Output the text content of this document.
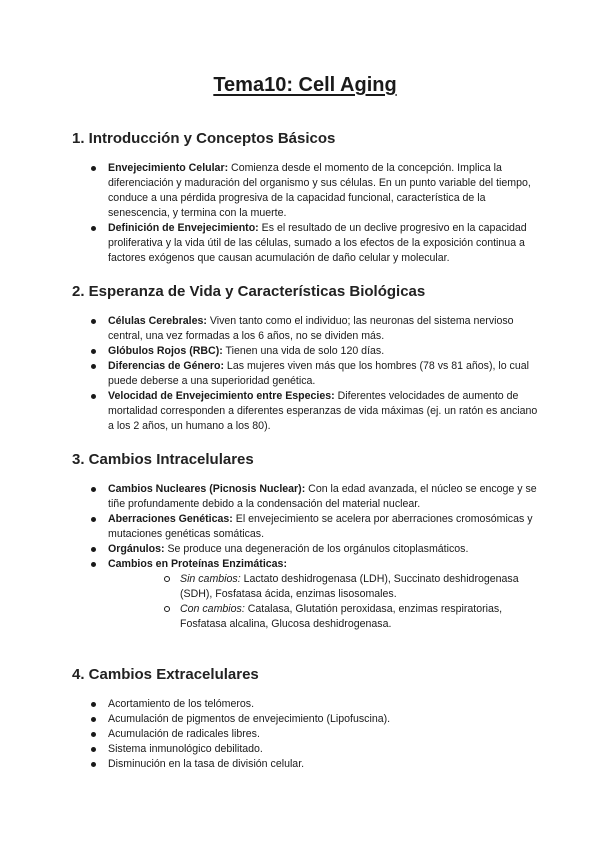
Tema10: Cell Aging
1. Introducción y Conceptos Básicos
Envejecimiento Celular: Comienza desde el momento de la concepción. Implica la diferenciación y maduración del organismo y sus células. En un punto variable del tiempo, conduce a una pérdida progresiva de la capacidad funcional, característica de la senescencia, y termina con la muerte.
Definición de Envejecimiento: Es el resultado de un declive progresivo en la capacidad proliferativa y la vida útil de las células, sumado a los efectos de la exposición continua a factores exógenos que causan acumulación de daño celular y molecular.
2. Esperanza de Vida y Características Biológicas
Células Cerebrales: Viven tanto como el individuo; las neuronas del sistema nervioso central, una vez formadas a los 6 años, no se dividen más.
Glóbulos Rojos (RBC): Tienen una vida de solo 120 días.
Diferencias de Género: Las mujeres viven más que los hombres (78 vs 81 años), lo cual puede deberse a una superioridad genética.
Velocidad de Envejecimiento entre Especies: Diferentes velocidades de aumento de mortalidad corresponden a diferentes esperanzas de vida máximas (ej. un ratón es anciano a los 2 años, un humano a los 80).
3. Cambios Intracelulares
Cambios Nucleares (Picnosis Nuclear): Con la edad avanzada, el núcleo se encoge y se tiñe profundamente debido a la condensación del material nuclear.
Aberraciones Genéticas: El envejecimiento se acelera por aberraciones cromosómicas y mutaciones genéticas somáticas.
Orgánulos: Se produce una degeneración de los orgánulos citoplasmáticos.
Cambios en Proteínas Enzimáticas:
Sin cambios: Lactato deshidrogenasa (LDH), Succinato deshidrogenasa (SDH), Fosfatasa ácida, enzimas lisosomales.
Con cambios: Catalasa, Glutatión peroxidasa, enzimas respiratorias, Fosfatasa alcalina, Glucosa deshidrogenasa.
4. Cambios Extracelulares
Acortamiento de los telómeros.
Acumulación de pigmentos de envejecimiento (Lipofuscina).
Acumulación de radicales libres.
Sistema inmunológico debilitado.
Disminución en la tasa de división celular.
